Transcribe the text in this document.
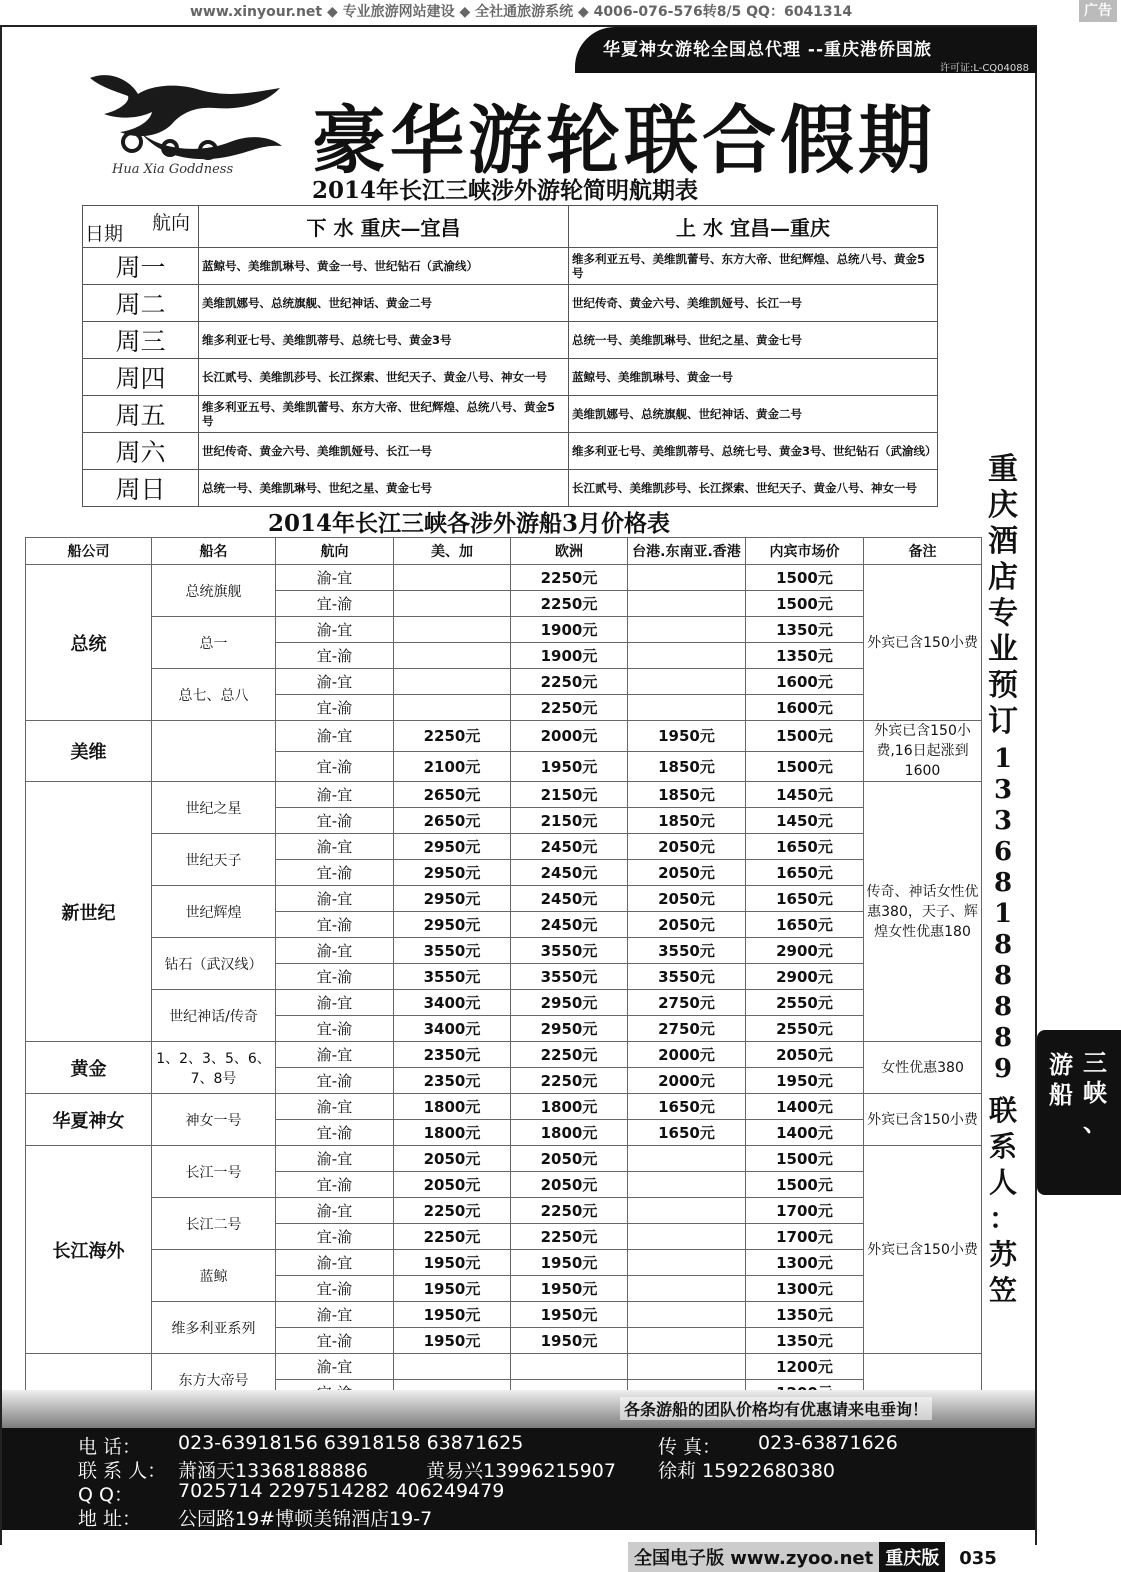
www.xinyour.net ◆ 专业旅游网站建设 ◆ 全社通旅游系统 ◆ 4006-076-576转8/5 QQ：6041314	广告
华夏神女游轮全国总代理 --重庆港侨国旅
许可证:L-CQ04088
Hua Xia Goddness 豪华游轮联合假期
2014年长江三峡涉外游轮简明航期表
航向
日期	下 水 重庆—宜昌	上 水 宜昌—重庆
周一	蓝鲸号、美维凯琳号、黄金一号、世纪钻石（武渝线）	维多利亚五号、美维凯蕾号、东方大帝、世纪辉煌、总统八号、黄金5号
周二	美维凯娜号、总统旗舰、世纪神话、黄金二号	世纪传奇、黄金六号、美维凯娅号、长江一号
周三	维多利亚七号、美维凯蒂号、总统七号、黄金3号	总统一号、美维凯琳号、世纪之星、黄金七号
周四	长江贰号、美维凯莎号、长江探索、世纪天子、黄金八号、神女一号	蓝鲸号、美维凯琳号、黄金一号
周五	维多利亚五号、美维凯蕾号、东方大帝、世纪辉煌、总统八号、黄金5号	美维凯娜号、总统旗舰、世纪神话、黄金二号
周六	世纪传奇、黄金六号、美维凯娅号、长江一号	维多利亚七号、美维凯蒂号、总统七号、黄金3号、世纪钻石（武渝线）
周日	总统一号、美维凯琳号、世纪之星、黄金七号	长江贰号、美维凯莎号、长江探索、世纪天子、黄金八号、神女一号
2014年长江三峡各涉外游船3月价格表
船公司	船名	航向	美、加	欧洲	台港.东南亚.香港	内宾市场价	备注
总统	总统旗舰	渝-宜		2250元		1500元	外宾已含150小费
		宜-渝		2250元		1500元	
	总一	渝-宜		1900元		1350元	
		宜-渝		1900元		1350元	
	总七、总八	渝-宜		2250元		1600元	
		宜-渝		2250元		1600元	
美维		渝-宜	2250元	2000元	1950元	1500元	外宾已含150小费,16日起涨到1600
		宜-渝	2100元	1950元	1850元	1500元	
新世纪	世纪之星	渝-宜	2650元	2150元	1850元	1450元	传奇、神话女性优惠380，天子、辉煌女性优惠180
		宜-渝	2650元	2150元	1850元	1450元	
	世纪天子	渝-宜	2950元	2450元	2050元	1650元	
		宜-渝	2950元	2450元	2050元	1650元	
	世纪辉煌	渝-宜	2950元	2450元	2050元	1650元	
		宜-渝	2950元	2450元	2050元	1650元	
	钻石（武汉线）	渝-宜	3550元	3550元	3550元	2900元	
		宜-渝	3550元	3550元	3550元	2900元	
	世纪神话/传奇	渝-宜	3400元	2950元	2750元	2550元	
		宜-渝	3400元	2950元	2750元	2550元	
黄金	1、2、3、5、6、7、8号	渝-宜	2350元	2250元	2000元	2050元	女性优惠380
		宜-渝	2350元	2250元	2000元	1950元	
华夏神女	神女一号	渝-宜	1800元	1800元	1650元	1400元	外宾已含150小费
		宜-渝	1800元	1800元	1650元	1400元	
长江海外	长江一号	渝-宜	2050元	2050元		1500元	外宾已含150小费
		宜-渝	2050元	2050元		1500元	
	长江二号	渝-宜	2250元	2250元		1700元	
		宜-渝	2250元	2250元		1700元	
	蓝鲸	渝-宜	1950元	1950元		1300元	
		宜-渝	1950元	1950元		1300元	
	维多利亚系列	渝-宜	1950元	1950元		1350元	
		宜-渝	1950元	1950元		1350元	
	东方大帝号	渝-宜				1200元	

重
庆
酒
店
专
业
预
订
1
3
3
6
8
1
8
8
8
8
9
联
系
人
：
苏
笠
三
峡
、
游
船
各条游船的团队价格均有优惠请来电垂询！
电 话： 023-63918156 63918158 63871625	传 真： 023-63871626
联 系 人： 萧涵天13368188886	黄易兴13996215907 徐莉 15922680380
Q Q： 7025714 2297514282 406249479
地 址： 公园路19#博顿美锦酒店19-7
全国电子版 www.zyoo.net 重庆版 035
